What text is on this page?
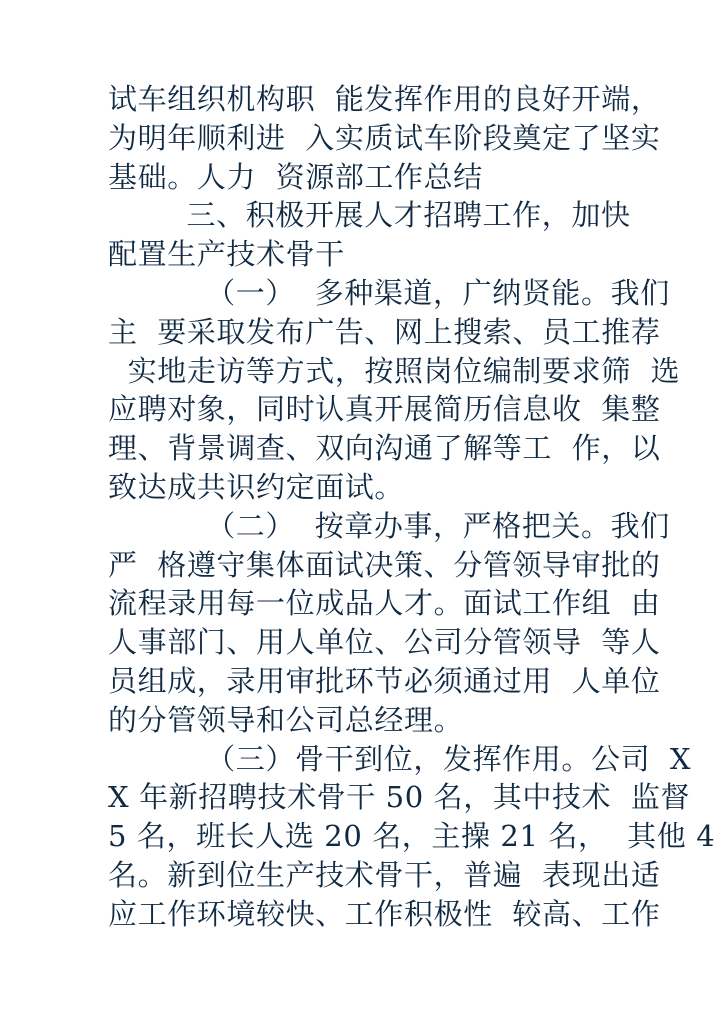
试车组织机构职  能发挥作用的良好开端，
为明年顺利进  入实质试车阶段奠定了坚实
基础。人力  资源部工作总结
三、积极开展人才招聘工作，加快
配置生产技术骨干
（一）  多种渠道，广纳贤能。我们
主  要采取发布广告、网上搜索、员工推荐
实地走访等方式，按照岗位编制要求筛  选
应聘对象，同时认真开展简历信息收  集整
理、背景调查、双向沟通了解等工  作，以
致达成共识约定面试。
（二）  按章办事，严格把关。我们
严  格遵守集体面试决策、分管领导审批的
流程录用每一位成品人才。面试工作组  由
人事部门、用人单位、公司分管领导  等人
员组成，录用审批环节必须通过用  人单位
的分管领导和公司总经理。
（三）骨干到位，发挥作用。公司  X
X 年新招聘技术骨干 50 名，其中技术  监督
5 名，班长人选 20 名，主操 21 名，  其他 4
名。新到位生产技术骨干，普遍  表现出适
应工作环境较快、工作积极性  较高、工作
